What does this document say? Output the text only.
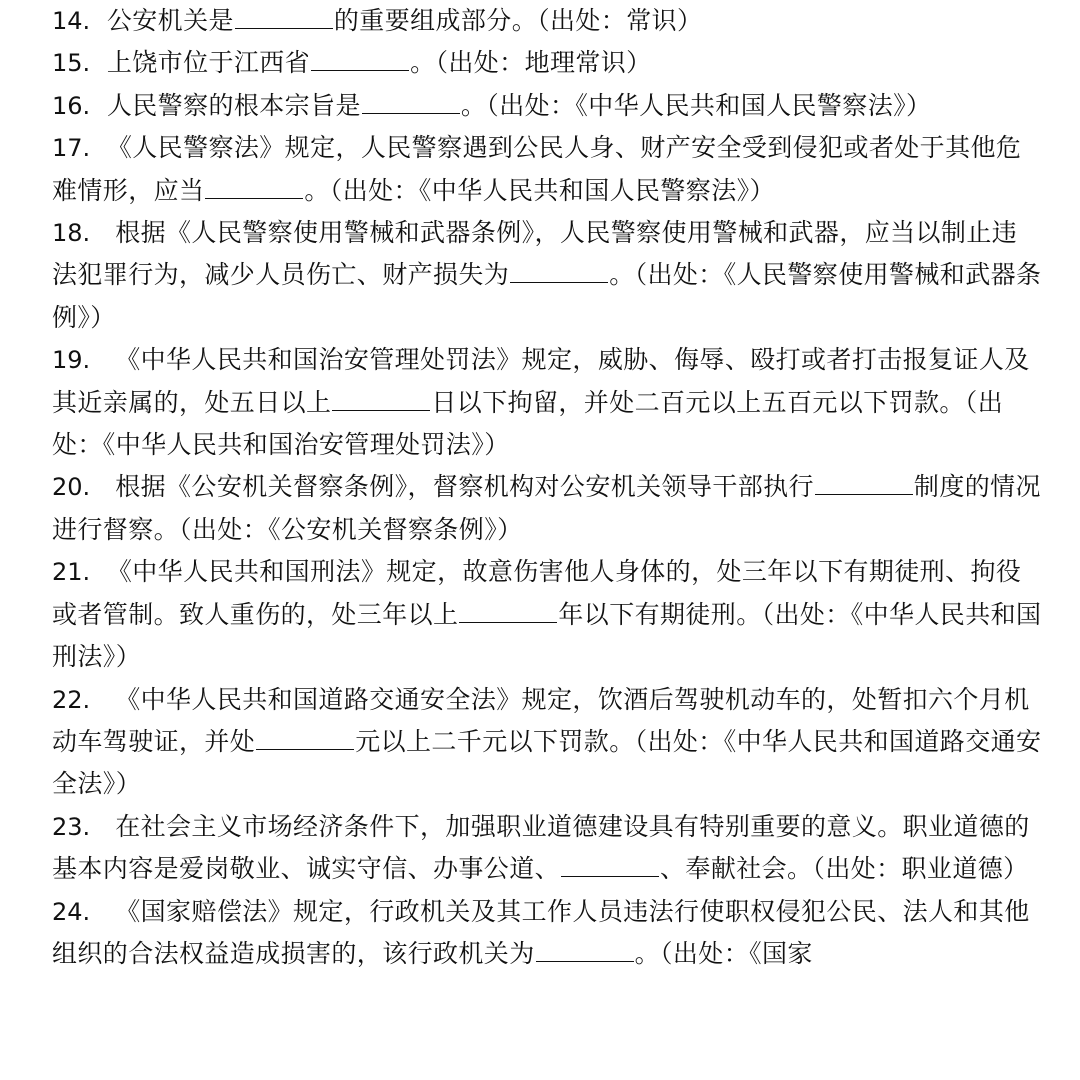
14. 公安机关是	的重要组成部分。（出处：常识）

15. 上饶市位于江西省	。（出处：地理常识）

16. 人民警察的根本宗旨是	。（出处：《中华人民共和国人民警察法》）

17. 《人民警察法》规定，人民警察遇到公民人身、财产安全受到侵犯或者处于其他危难情形，应当	。（出处：《中华人民共和国人民警察法》）

18. 根据《人民警察使用警械和武器条例》，人民警察使用警械和武器，应当以制止违法犯罪行为，减少人员伤亡、财产损失为	。（出处：《人民警察使用警械和武器条例》）

19. 《中华人民共和国治安管理处罚法》规定，威胁、侮辱、殴打或者打击报复证人及其近亲属的，处五日以上	日以下拘留，并处二百元以上五百元以下罚款。（出处：《中华人民共和国治安管理处罚法》）

20. 根据《公安机关督察条例》，督察机构对公安机关领导干部执行	制度的情况进行督察。（出处：《公安机关督察条例》）

21. 《中华人民共和国刑法》规定，故意伤害他人身体的，处三年以下有期徒刑、拘役或者管制。致人重伤的，处三年以上	年以下有期徒刑。（出处：《中华人民共和国刑法》）

22. 《中华人民共和国道路交通安全法》规定，饮酒后驾驶机动车的，处暂扣六个月机动车驾驶证，并处	元以上二千元以下罚款。（出处：《中华人民共和国道路交通安全法》）

23. 在社会主义市场经济条件下，加强职业道德建设具有特别重要的意义。职业道德的基本内容是爱岗敬业、诚实守信、办事公道、	、奉献社会。（出处：职业道德）

24. 《国家赔偿法》规定，行政机关及其工作人员违法行使职权侵犯公民、法人和其他组织的合法权益造成损害的，该行政机关为	。（出处：《国家
